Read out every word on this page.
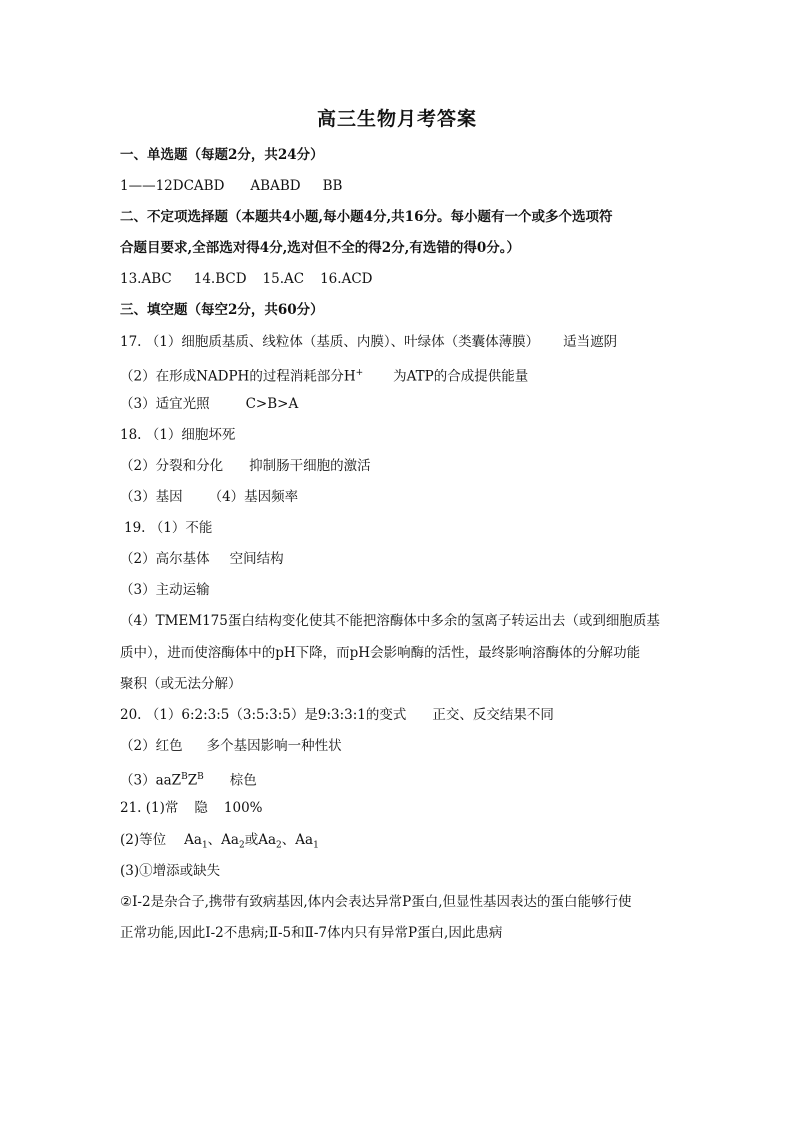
高三生物月考答案
一、单选题（每题2分，共24分）
1——12DCABD ABABD BB
二、不定项选择题（本题共4小题,每小题4分,共16分。每小题有一个或多个选项符
合题目要求,全部选对得4分,选对但不全的得2分,有选错的得0分。）
13.ABC 14.BCD 15.AC 16.ACD
三、填空题（每空2分，共60分）
17. （1）细胞质基质、线粒体（基质、内膜）、叶绿体（类囊体薄膜） 适当遮阴
（2）在形成NADPH的过程消耗部分H+ 为ATP的合成提供能量
（3）适宜光照	C>B>A
18. （1）细胞坏死
（2）分裂和分化 抑制肠干细胞的激活
（3）基因 （4）基因频率
19. （1）不能
（2）高尔基体 空间结构
（3）主动运输
（4）TMEM175蛋白结构变化使其不能把溶酶体中多余的氢离子转运出去（或到细胞质基
质中），进而使溶酶体中的pH下降，而pH会影响酶的活性，最终影响溶酶体的分解功能
聚积（或无法分解）
20. （1）6:2:3:5（3:5:3:5）是9:3:3:1的变式 正交、反交结果不同
（2）红色 多个基因影响一种性状
$(3)aaZ^BZ^B$ 棕色
21. (1)常 隐 100%
(2)等位 $Aa_1$、$Aa_2$或$Aa_2$、$Aa_1$
(3)①增添或缺失
②Ⅰ-2是杂合子,携带有致病基因,体内会表达异常P蛋白,但显性基因表达的蛋白能够行使
正常功能,因此Ⅰ-2不患病;Ⅱ-5和Ⅱ-7体内只有异常P蛋白,因此患病
